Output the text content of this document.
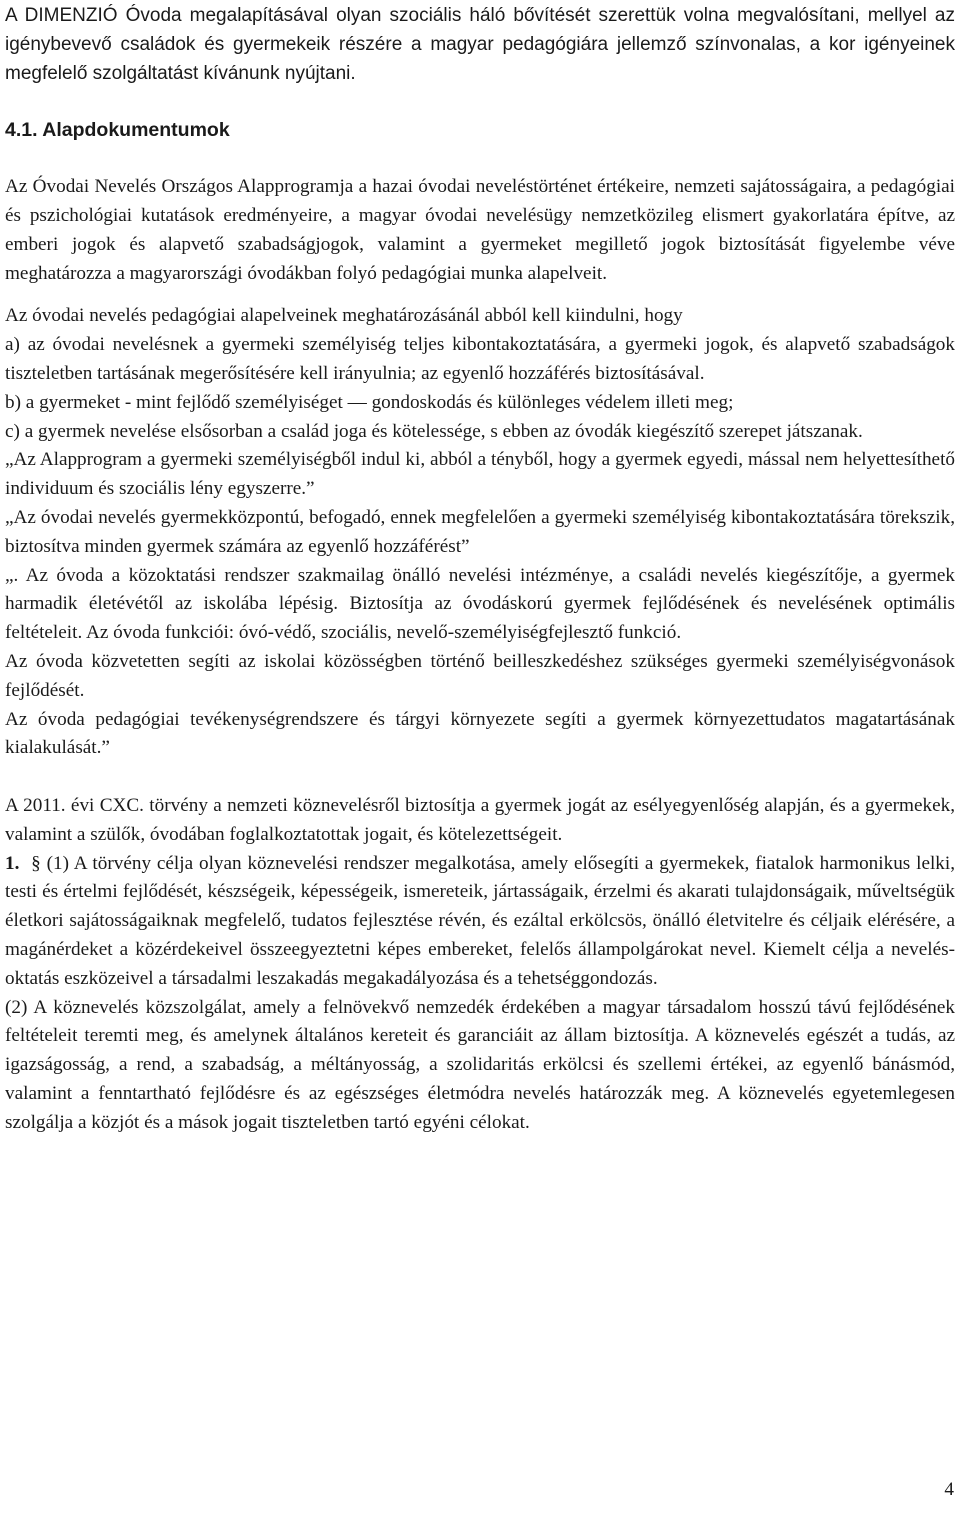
A DIMENZIÓ Óvoda megalapításával olyan szociális háló bővítését szerettük volna megvalósítani, mellyel az igénybevevő családok és gyermekeik részére a magyar pedagógiára jellemző színvonalas, a kor igényeinek megfelelő szolgáltatást kívánunk nyújtani.

4.1. Alapdokumentumok

Az Óvodai Nevelés Országos Alapprogramja a hazai óvodai neveléstörténet értékeire, nemzeti sajátosságaira, a pedagógiai és pszichológiai kutatások eredményeire, a magyar óvodai nevelésügy nemzetközileg elismert gyakorlatára építve, az emberi jogok és alapvető szabadságjogok, valamint a gyermeket megillető jogok biztosítását figyelembe véve meghatározza a magyarországi óvodákban folyó pedagógiai munka alapelveit.

Az óvodai nevelés pedagógiai alapelveinek meghatározásánál abból kell kiindulni, hogy

a) az óvodai nevelésnek a gyermeki személyiség teljes kibontakoztatására, a gyermeki jogok, és alapvető szabadságok tiszteletben tartásának megerősítésére kell irányulnia; az egyenlő hozzáférés biztosításával.

b) a gyermeket - mint fejlődő személyiséget ― gondoskodás és különleges védelem illeti meg;

c) a gyermek nevelése elsősorban a család joga és kötelessége, s ebben az óvodák kiegészítő szerepet játszanak.

„Az Alapprogram a gyermeki személyiségből indul ki, abból a tényből, hogy a gyermek egyedi, mással nem helyettesíthető individuum és szociális lény egyszerre.”

„Az óvodai nevelés gyermekközpontú, befogadó, ennek megfelelően a gyermeki személyiség kibontakoztatására törekszik, biztosítva minden gyermek számára az egyenlő hozzáférést”

„. Az óvoda a közoktatási rendszer szakmailag önálló nevelési intézménye, a családi nevelés kiegészítője, a gyermek harmadik életévétől az iskolába lépésig. Biztosítja az óvodáskorú gyermek fejlődésének és nevelésének optimális feltételeit. Az óvoda funkciói: óvó-védő, szociális, nevelő-személyiségfejlesztő funkció.

Az óvoda közvetetten segíti az iskolai közösségben történő beilleszkedéshez szükséges gyermeki személyiségvonások fejlődését.

Az óvoda pedagógiai tevékenységrendszere és tárgyi környezete segíti a gyermek környezettudatos magatartásának kialakulását.”

A 2011. évi CXC. törvény a nemzeti köznevelésről biztosítja a gyermek jogát az esélyegyenlőség alapján, és a gyermekek, valamint a szülők, óvodában foglalkoztatottak jogait, és kötelezettségeit.

1. § (1) A törvény célja olyan köznevelési rendszer megalkotása, amely elősegíti a gyermekek, fiatalok harmonikus lelki, testi és értelmi fejlődését, készségeik, képességeik, ismereteik, jártasságaik, érzelmi és akarati tulajdonságaik, műveltségük életkori sajátosságaiknak megfelelő, tudatos fejlesztése révén, és ezáltal erkölcsös, önálló életvitelre és céljaik elérésére, a magánérdeket a közérdekeivel összeegyeztetni képes embereket, felelős állampolgárokat nevel. Kiemelt célja a nevelés-oktatás eszközeivel a társadalmi leszakadás megakadályozása és a tehetséggondozás.

(2) A köznevelés közszolgálat, amely a felnövekvő nemzedék érdekében a magyar társadalom hosszú távú fejlődésének feltételeit teremti meg, és amelynek általános kereteit és garanciáit az állam biztosítja. A köznevelés egészét a tudás, az igazságosság, a rend, a szabadság, a méltányosság, a szolidaritás erkölcsi és szellemi értékei, az egyenlő bánásmód, valamint a fenntartható fejlődésre és az egészséges életmódra nevelés határozzák meg. A köznevelés egyetemlegesen szolgálja a közjót és a mások jogait tiszteletben tartó egyéni célokat.

4
